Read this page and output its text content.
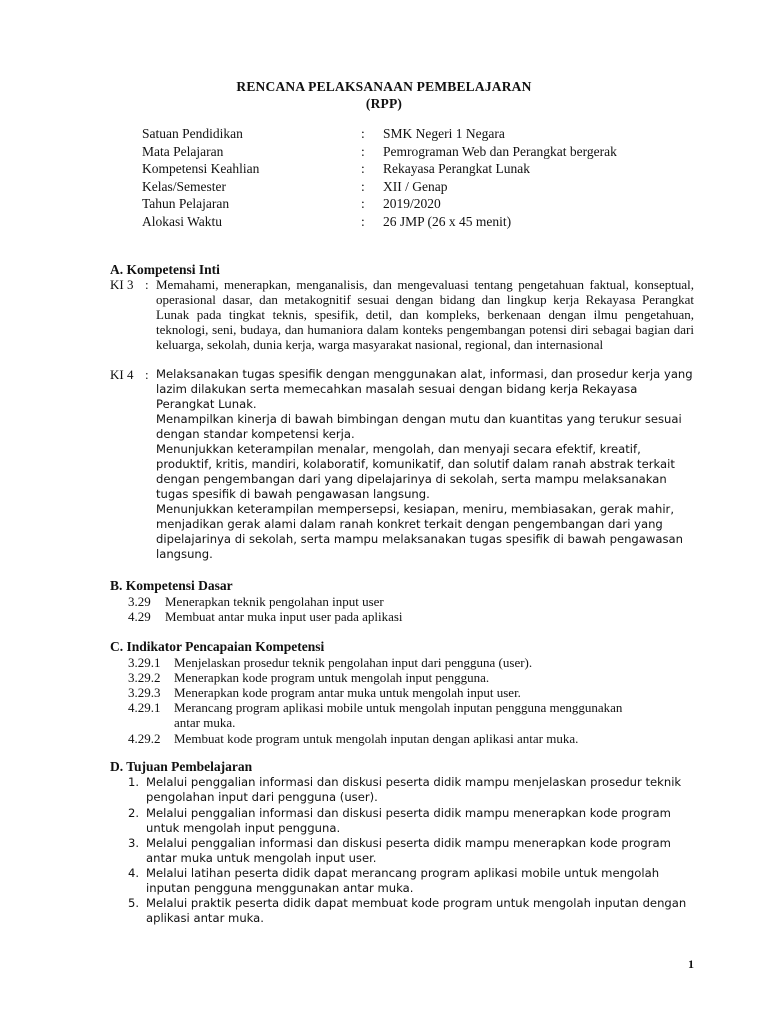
RENCANA PELAKSANAAN PEMBELAJARAN
(RPP)
Satuan Pendidikan	: SMK Negeri 1 Negara
Mata Pelajaran	: Pemrograman Web dan Perangkat bergerak
Kompetensi Keahlian	: Rekayasa Perangkat Lunak
Kelas/Semester	: XII / Genap
Tahun Pelajaran	: 2019/2020
Alokasi Waktu	: 26 JMP (26 x 45 menit)
A. Kompetensi Inti
KI 3 : Memahami, menerapkan, menganalisis, dan mengevaluasi tentang pengetahuan faktual, konseptual, operasional dasar, dan metakognitif sesuai dengan bidang dan lingkup kerja Rekayasa Perangkat Lunak pada tingkat teknis, spesifik, detil, dan kompleks, berkenaan dengan ilmu pengetahuan, teknologi, seni, budaya, dan humaniora dalam konteks pengembangan potensi diri sebagai bagian dari keluarga, sekolah, dunia kerja, warga masyarakat nasional, regional, dan internasional
KI 4 : Melaksanakan tugas spesifik dengan menggunakan alat, informasi, dan prosedur kerja yang lazim dilakukan serta memecahkan masalah sesuai dengan bidang kerja Rekayasa Perangkat Lunak.

Menampilkan kinerja di bawah bimbingan dengan mutu dan kuantitas yang terukur sesuai dengan standar kompetensi kerja.

Menunjukkan keterampilan menalar, mengolah, dan menyaji secara efektif, kreatif, produktif, kritis, mandiri, kolaboratif, komunikatif, dan solutif dalam ranah abstrak terkait dengan pengembangan dari yang dipelajarinya di sekolah, serta mampu melaksanakan tugas spesifik di bawah pengawasan langsung.

Menunjukkan keterampilan mempersepsi, kesiapan, meniru, membiasakan, gerak mahir, menjadikan gerak alami dalam ranah konkret terkait dengan pengembangan dari yang dipelajarinya di sekolah, serta mampu melaksanakan tugas spesifik di bawah pengawasan langsung.

B. Kompetensi Dasar
3.29 Menerapkan teknik pengolahan input user
4.29 Membuat antar muka input user pada aplikasi
C. Indikator Pencapaian Kompetensi
3.29.1 Menjelaskan prosedur teknik pengolahan input dari pengguna (user).
3.29.2 Menerapkan kode program untuk mengolah input pengguna.
3.29.3 Menerapkan kode program antar muka untuk mengolah input user.
4.29.1 Merancang program aplikasi mobile untuk mengolah inputan pengguna menggunakan antar muka.
4.29.2 Membuat kode program untuk mengolah inputan dengan aplikasi antar muka.
D. Tujuan Pembelajaran
1. Melalui penggalian informasi dan diskusi peserta didik mampu menjelaskan prosedur teknik pengolahan input dari pengguna (user).
2. Melalui penggalian informasi dan diskusi peserta didik mampu menerapkan kode program untuk mengolah input pengguna.
3. Melalui penggalian informasi dan diskusi peserta didik mampu menerapkan kode program antar muka untuk mengolah input user.
4. Melalui latihan peserta didik dapat merancang program aplikasi mobile untuk mengolah inputan pengguna menggunakan antar muka.
5. Melalui praktik peserta didik dapat membuat kode program untuk mengolah inputan dengan aplikasi antar muka.
1
